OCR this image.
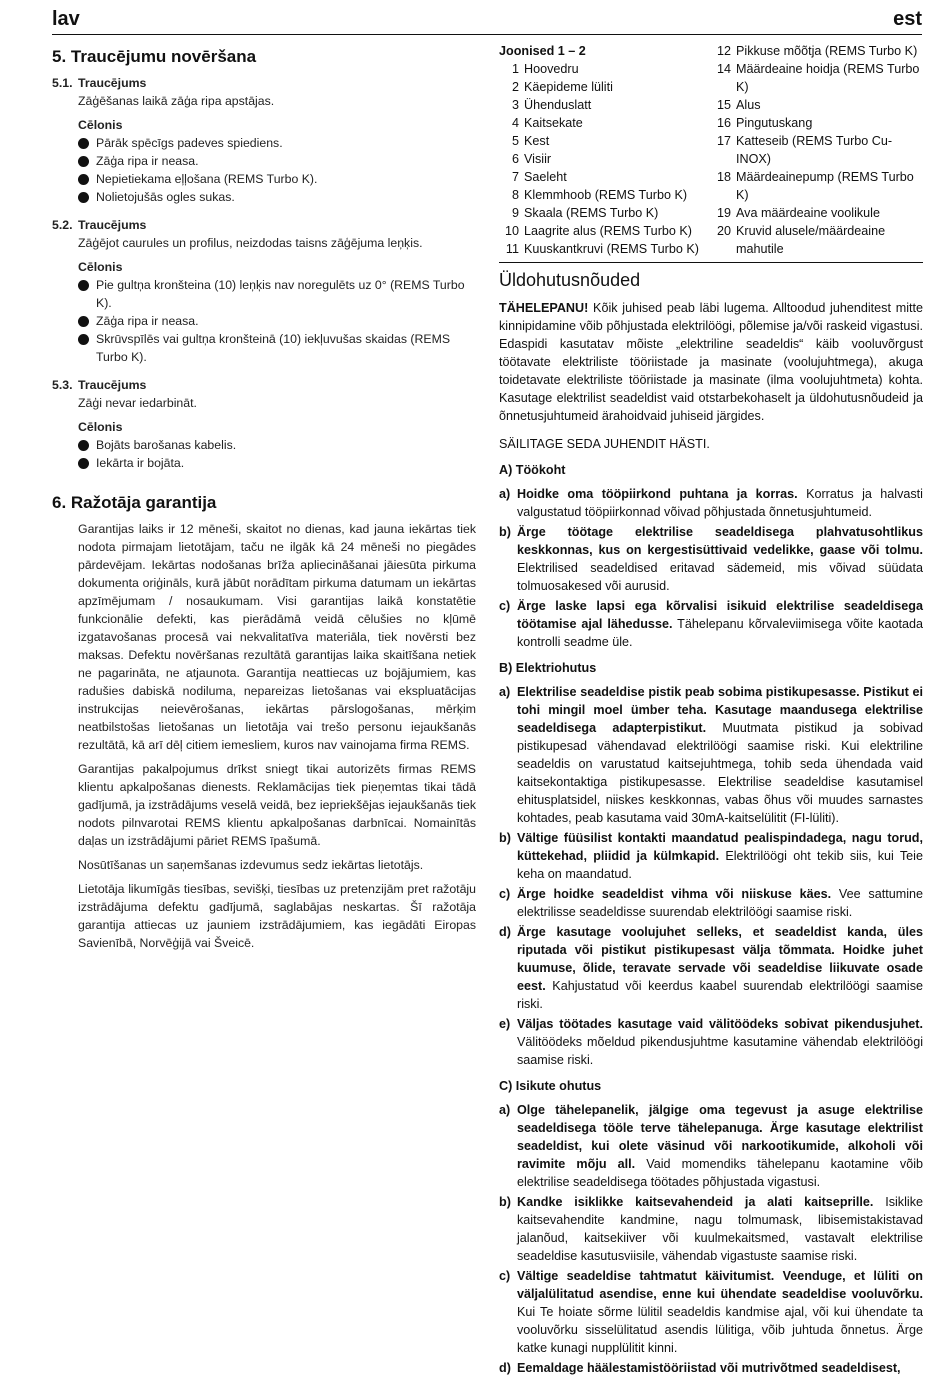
lav	est
5. Traucējumu novēršana
5.1. Traucējums
Zāģēšanas laikā zāģa ripa apstājas.
Cēlonis
Pārāk spēcīgs padeves spiediens.
Zāģa ripa ir neasa.
Nepietiekama eļļošana (REMS Turbo K).
Nolietojušās ogles sukas.
5.2. Traucējums
Zāģējot caurules un profilus, neizdodas taisns zāģējuma leņķis.
Cēlonis
Pie gultņa kronšteina (10) leņķis nav noregulēts uz 0° (REMS Turbo K).
Zāģa ripa ir neasa.
Skrūvspīlēs vai gultņa kronšteinā (10) iekļuvušas skaidas (REMS Turbo K).
5.3. Traucējums
Zāģi nevar iedarbināt.
Cēlonis
Bojāts barošanas kabelis.
Iekārta ir bojāta.
6. Ražotāja garantija
Garantijas laiks ir 12 mēneši, skaitot no dienas, kad jauna iekārtas tiek nodota pirmajam lietotājam, taču ne ilgāk kā 24 mēneši no piegādes pārdevējam. Iekārtas nodošanas brīža apliecināšanai jāiesūta pirkuma dokumenta oriģināls, kurā jābūt norādītam pirkuma datumam un iekārtas apzīmējumam / nosaukumam. Visi garantijas laikā konstatētie funkcionālie defekti, kas pierādāmā veidā cēlušies no kļūmē izgatavošanas procesā vai nekvalitatīva materiāla, tiek novērsti bez maksas. Defektu novēršanas rezultātā garantijas laika skaitīšana netiek ne pagarināta, ne atjaunota. Garantija neattiecas uz bojājumiem, kas radušies dabiskā nodiluma, nepareizas lietošanas vai ekspluatācijas instrukcijas neievērošanas, iekārtas pārslogošanas, mērķim neatbilstošas lietošanas un lietotāja vai trešo personu iejaukšanās rezultātā, kā arī dēļ citiem iemesliem, kuros nav vainojama firma REMS.
Garantijas pakalpojumus drīkst sniegt tikai autorizēts firmas REMS klientu apkalpošanas dienests. Reklamācijas tiek pieņemtas tikai tādā gadījumā, ja izstrādājums veselā veidā, bez iepriekšējas iejaukšanās tiek nodots pilnvarotai REMS klientu apkalpošanas darbnīcai. Nomainītās daļas un izstrādājumi pāriet REMS īpašumā.
Nosūtīšanas un saņemšanas izdevumus sedz iekārtas lietotājs.
Lietotāja likumīgās tiesības, sevišķi, tiesības uz pretenzijām pret ražotāju izstrādājuma defektu gadījumā, saglabājas neskartas. Šī ražotāja garantija attiecas uz jauniem izstrādājumiem, kas iegādāti Eiropas Savienībā, Norvēģijā vai Šveicē.
Joonised 1 – 2
1 Hoovedru
2 Käepideme lüliti
3 Ühenduslatt
4 Kaitsekate
5 Kest
6 Visiir
7 Saeleht
8 Klemmhoob (REMS Turbo K)
9 Skaala (REMS Turbo K)
10 Laagrite alus (REMS Turbo K)
11 Kuuskantkruvi (REMS Turbo K)
12 Pikkuse mõõtja (REMS Turbo K)
14 Määrdeaine hoidja (REMS Turbo K)
15 Alus
16 Pingutuskang
17 Katteseib (REMS Turbo Cu-INOX)
18 Määrdeainepump (REMS Turbo K)
19 Ava määrdeaine voolikule
20 Kruvid alusele/määrdeaine mahutile
Üldohutusnõuded
TÄHELEPANU! Kõik juhised peab läbi lugema. Alltoodud juhenditest mitte kinnipidamine võib põhjustada elektrilöögi, põlemise ja/või raskeid vigastusi. Edaspidi kasutatav mõiste „elektriline seadeldis“ käib vooluvõrgust töötavate elektriliste tööriistade ja masinate (voolujuhtmega), akuga toidetavate elektriliste tööriistade ja masinate (ilma voolujuhtmeta) kohta. Kasutage elektrilist seadeldist vaid otstarbekohaselt ja üldohutusnõudeid ja õnnetusjuhtumeid ärahoidvaid juhiseid järgides.
SÄILITAGE SEDA JUHENDIT HÄSTI.
A) Töökoht
a) Hoidke oma tööpiirkond puhtana ja korras. Korratus ja halvasti valgustatud tööpiirkonnad võivad põhjustada õnnetusjuhtumeid.
b) Ärge töötage elektrilise seadeldisega plahvatusohtlikus keskkonnas, kus on kergestisüttivaid vedelikke, gaase või tolmu. Elektrilised seadeldised eritavad sädemeid, mis võivad süüdata tolmuosakesed või aurusid.
c) Ärge laske lapsi ega kõrvalisi isikuid elektrilise seadeldisega töötamise ajal lähedusse. Tähelepanu kõrvaleviimisega võite kaotada kontrolli seadme üle.
B) Elektriohutus
a) Elektrilise seadeldise pistik peab sobima pistikupesasse. Pistikut ei tohi mingil moel ümber teha. Kasutage maandusega elektrilise seadeldisega adapterpistikut. Muutmata pistikud ja sobivad pistikupesad vähendavad elektrilöögi saamise riski. Kui elektriline seadeldis on varustatud kaitsejuhtmega, tohib seda ühendada vaid kaitsekontaktiga pistikupesasse. Elektrilise seadeldise kasutamisel ehitusplatsidel, niiskes keskkonnas, vabas õhus või muudes sarnastes kohtades, peab kasutama vaid 30mA-kaitselülitit (FI-lüliti).
b) Vältige füüsilist kontakti maandatud pealispindadega, nagu torud, küttekehad, pliidid ja külmkapid. Elektrilöögi oht tekib siis, kui Teie keha on maandatud.
c) Ärge hoidke seadeldist vihma või niiskuse käes. Vee sattumine elektrilisse seadeldisse suurendab elektrilöögi saamise riski.
d) Ärge kasutage voolujuhet selleks, et seadeldist kanda, üles riputada või pistikut pistikupesast välja tõmmata. Hoidke juhet kuumuse, õlide, teravate servade või seadeldise liikuvate osade eest. Kahjustatud või keerdus kaabel suurendab elektrilöögi saamise riski.
e) Väljas töötades kasutage vaid välitöödeks sobivat pikendusjuhet. Välitöödeks mõeldud pikendusjuhtme kasutamine vähendab elektrilöögi saamise riski.
C) Isikute ohutus
a) Olge tähelepanelik, jälgige oma tegevust ja asuge elektrilise seadeldisega tööle terve tähelepanuga. Ärge kasutage elektrilist seadeldist, kui olete väsinud või narkootikumide, alkoholi või ravimite mõju all. Vaid momendiks tähelepanu kaotamine võib elektrilise seadeldisega töötades põhjustada vigastusi.
b) Kandke isiklikke kaitsevahendeid ja alati kaitseprille. Isiklike kaitsevahendite kandmine, nagu tolmumask, libisemistakistavad jalanõud, kaitsekiiver või kuulmekaitsmed, vastavalt elektrilise seadeldise kasutusviisile, vähendab vigastuste saamise riski.
c) Vältige seadeldise tahtmatut käivitumist. Veenduge, et lüliti on väljalülitatud asendise, enne kui ühendate seadeldise vooluvõrku. Kui Te hoiate sõrme lülitil seadeldis kandmise ajal, või kui ühendate ta vooluvõrku sisselülitatud asendis lülitiga, võib juhtuda õnnetus. Ärge katke kunagi nupplülitit kinni.
d) Eemaldage häälestamistööriistad või mutrivõtmed seadeldisest,
